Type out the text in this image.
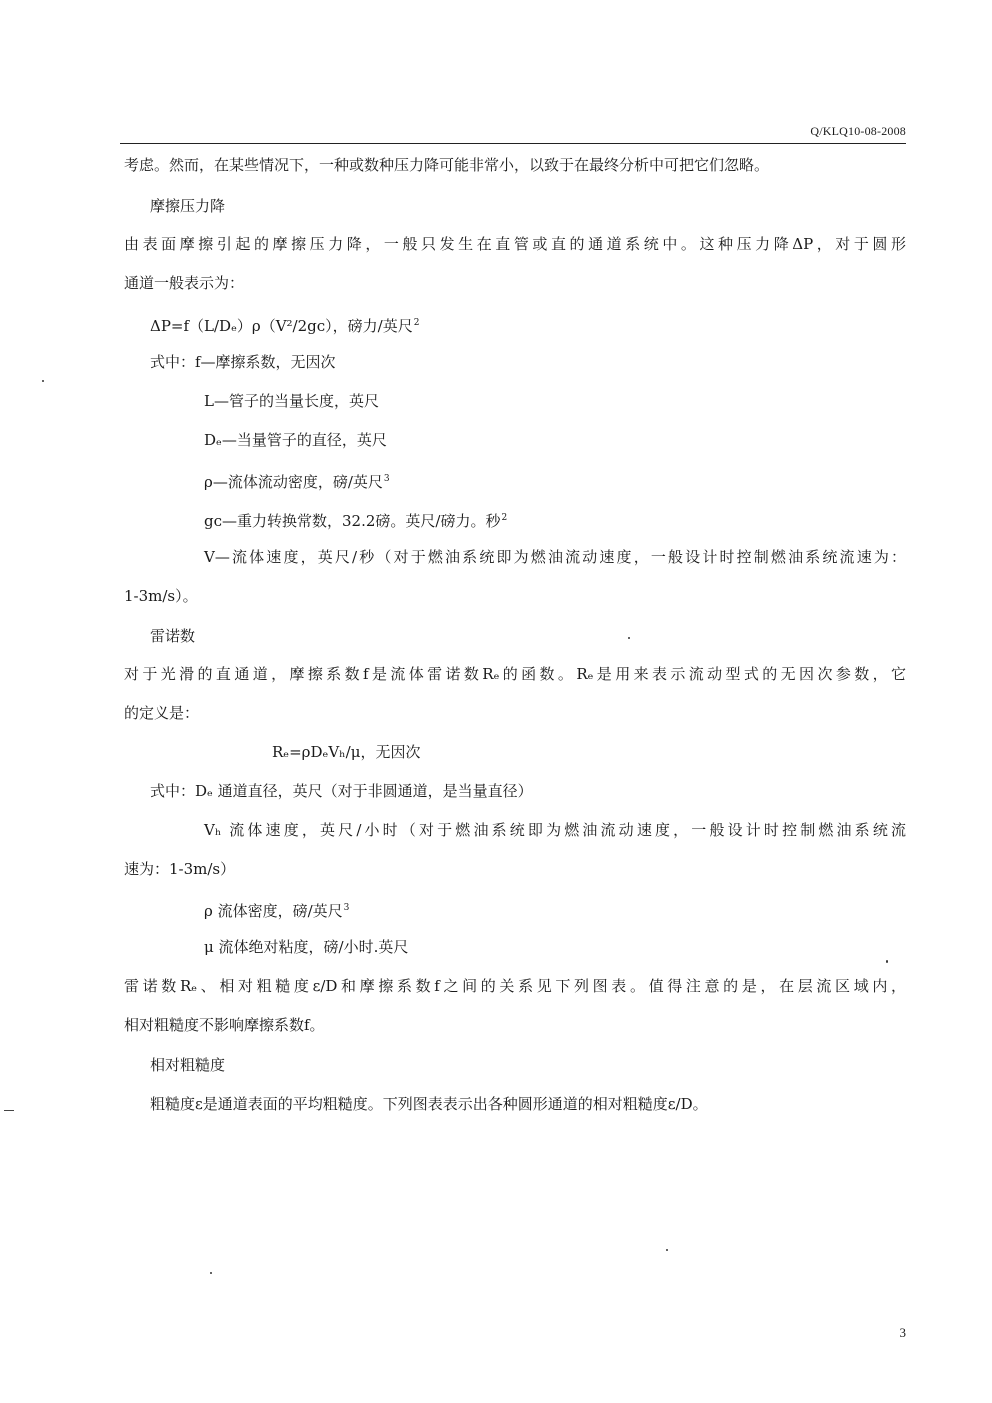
Q/KLQ10-08-2008
考虑。然而，在某些情况下，一种或数种压力降可能非常小，以致于在最终分析中可把它们忽略。
摩擦压力降
由表面摩擦引起的摩擦压力降，一般只发生在直管或直的通道系统中。这种压力降ΔP，对于圆形
通道一般表示为：
ΔP=f（L/Dₑ）ρ（V²/2gᴄ），磅力/英尺$^2$
式中：f—摩擦系数，无因次
L—管子的当量长度，英尺
Dₑ—当量管子的直径，英尺
ρ—流体流动密度，磅/英尺$^3$
gᴄ—重力转换常数，32.2磅。英尺/磅力。秒$^2$
V—流体速度，英尺/秒（对于燃油系统即为燃油流动速度，一般设计时控制燃油系统流速为：
1-3m/s）。
雷诺数
对于光滑的直通道，摩擦系数f是流体雷诺数Rₑ的函数。Rₑ是用来表示流动型式的无因次参数，它
的定义是：
Rₑ=ρDₑVₕ/μ，无因次
式中：Dₑ 通道直径，英尺（对于非圆通道，是当量直径）
Vₕ 流体速度，英尺/小时（对于燃油系统即为燃油流动速度，一般设计时控制燃油系统流
速为：1-3m/s）
ρ 流体密度，磅/英尺$^3$
μ 流体绝对粘度，磅/小时.英尺
雷诺数Rₑ、相对粗糙度ε/D和摩擦系数f之间的关系见下列图表。值得注意的是，在层流区域内，
相对粗糙度不影响摩擦系数f。
相对粗糙度
粗糙度ε是通道表面的平均粗糙度。下列图表表示出各种圆形通道的相对粗糙度ε/D。
3
